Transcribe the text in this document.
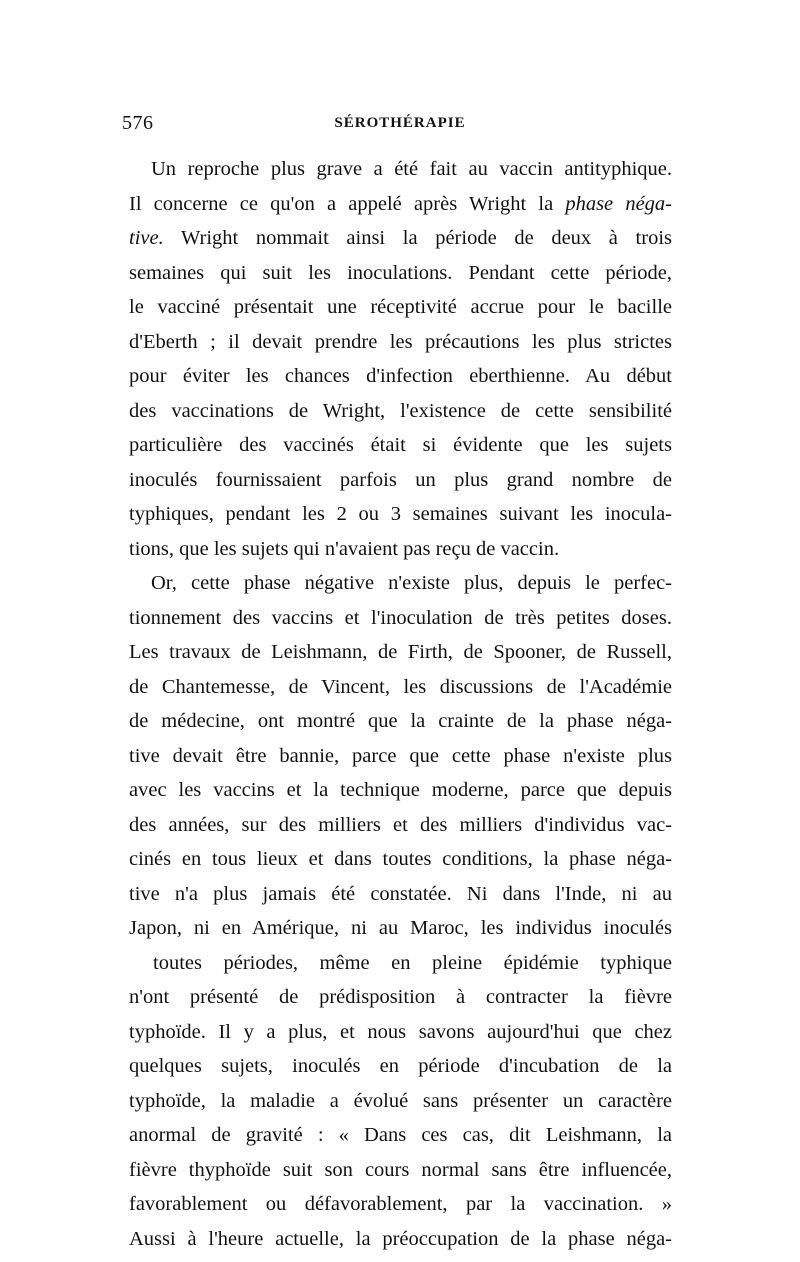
576	SÉROTHÉRAPIE
Un reproche plus grave a été fait au vaccin antityphique.
Il concerne ce qu'on a appelé après Wright la phase néga-
tive. Wright nommait ainsi la période de deux à trois
semaines qui suit les inoculations. Pendant cette période,
le vacciné présentait une réceptivité accrue pour le bacille
d'Eberth ; il devait prendre les précautions les plus strictes
pour éviter les chances d'infection eberthienne. Au début
des vaccinations de Wright, l'existence de cette sensibilité
particulière des vaccinés était si évidente que les sujets
inoculés fournissaient parfois un plus grand nombre de
typhiques, pendant les 2 ou 3 semaines suivant les inocula-
tions, que les sujets qui n'avaient pas reçu de vaccin.
Or, cette phase négative n'existe plus, depuis le perfec-
tionnement des vaccins et l'inoculation de très petites doses.
Les travaux de Leishmann, de Firth, de Spooner, de Russell,
de Chantemesse, de Vincent, les discussions de l'Académie
de médecine, ont montré que la crainte de la phase néga-
tive devait être bannie, parce que cette phase n'existe plus
avec les vaccins et la technique moderne, parce que depuis
des années, sur des milliers et des milliers d'individus vac-
cinés en tous lieux et dans toutes conditions, la phase néga-
tive n'a plus jamais été constatée. Ni dans l'Inde, ni au
Japon, ni en Amérique, ni au Maroc, les individus inoculés
toutes périodes, même en pleine épidémie typhique
n'ont présenté de prédisposition à contracter la fièvre
typhoïde. Il y a plus, et nous savons aujourd'hui que chez
quelques sujets, inoculés en période d'incubation de la
typhoïde, la maladie a évolué sans présenter un caractère
anormal de gravité : « Dans ces cas, dit Leishmann, la
fièvre thyphoïde suit son cours normal sans être influencée,
favorablement ou défavorablement, par la vaccination. »
Aussi à l'heure actuelle, la préoccupation de la phase néga-
